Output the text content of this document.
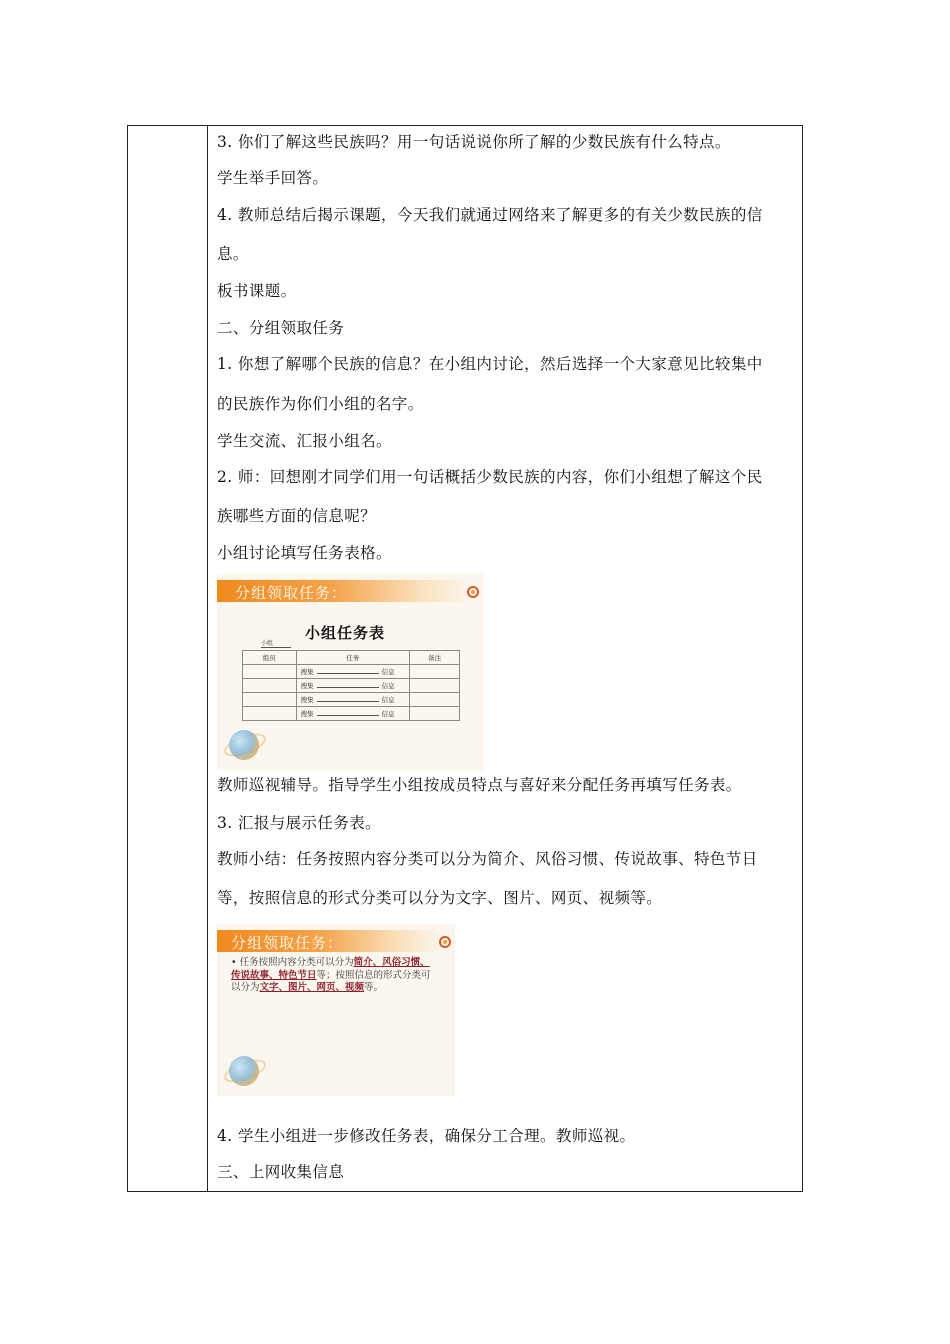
3. 你们了解这些民族吗？用一句话说说你所了解的少数民族有什么特点。
学生举手回答。
4. 教师总结后揭示课题，今天我们就通过网络来了解更多的有关少数民族的信
息。
板书课题。
二、分组领取任务
1. 你想了解哪个民族的信息？在小组内讨论，然后选择一个大家意见比较集中
的民族作为你们小组的名字。
学生交流、汇报小组名。
2. 师：回想刚才同学们用一句话概括少数民族的内容，你们小组想了解这个民
族哪些方面的信息呢？
小组讨论填写任务表格。
分组领取任务：
小组任务表
小组
组员	任务	备注
	搜集 信息	
	搜集 信息	
	搜集 信息	
	搜集 信息	
教师巡视辅导。指导学生小组按成员特点与喜好来分配任务再填写任务表。
3. 汇报与展示任务表。
教师小结：任务按照内容分类可以分为简介、风俗习惯、传说故事、特色节日
等，按照信息的形式分类可以分为文字、图片、网页、视频等。
分组领取任务：
• 任务按照内容分类可以分为简介、风俗习惯、传说故事、特色节日等；按照信息的形式分类可以分为文字、图片、网页、视频等。
4. 学生小组进一步修改任务表，确保分工合理。教师巡视。
三、上网收集信息
